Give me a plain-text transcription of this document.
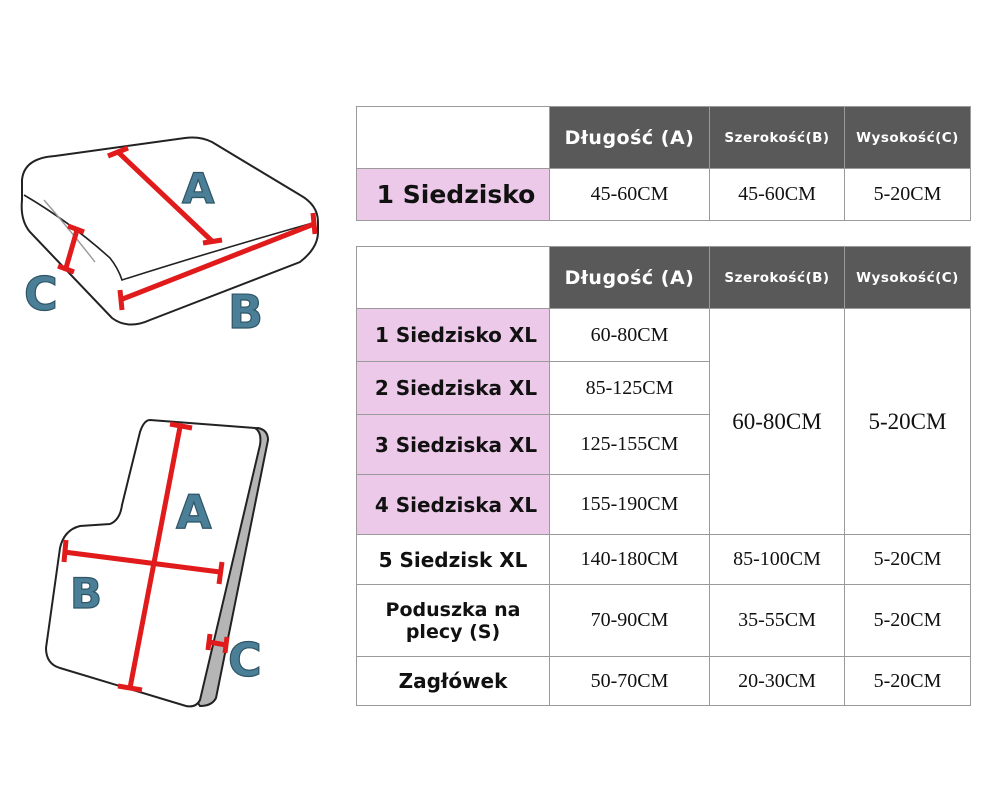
A
B
C
A
B
C
	Długość (A)	Szerokość(B)	Wysokość(C)
1 Siedzisko	45-60CM	45-60CM	5-20CM
	Długość (A)	Szerokość(B)	Wysokość(C)
1 Siedzisko XL	60-80CM	60-80CM	5-20CM
2 Siedziska XL	85-125CM		
3 Siedziska XL	125-155CM		
4 Siedziska XL	155-190CM		
5 Siedzisk XL	140-180CM	85-100CM	5-20CM
Poduszka na plecy (S)	70-90CM	35-55CM	5-20CM
Zagłówek	50-70CM	20-30CM	5-20CM
